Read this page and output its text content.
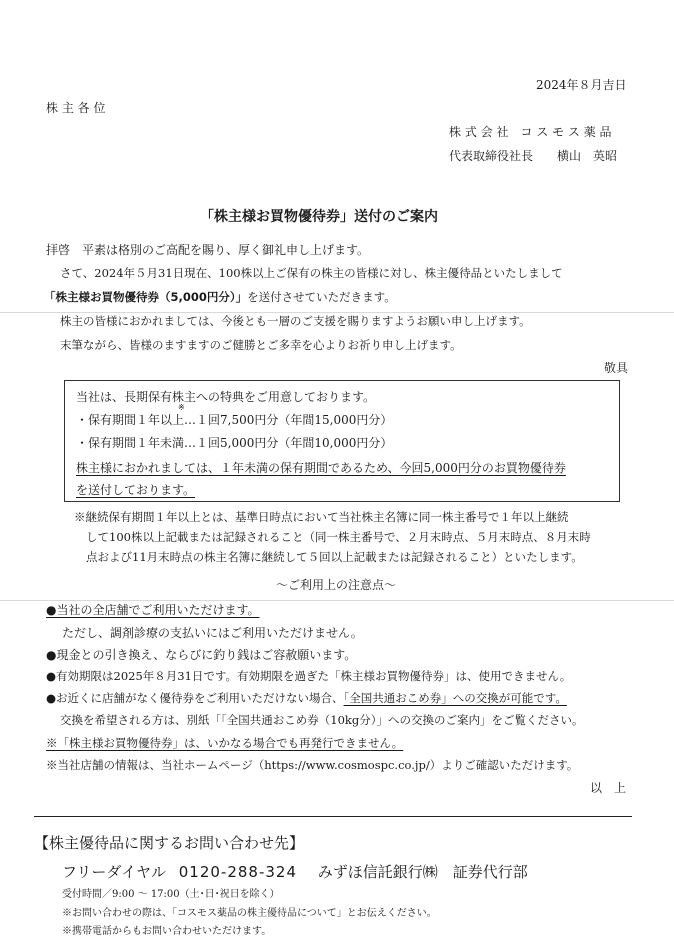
2024年８月吉日
株 主 各 位
株 式 会 社　コ ス モ ス 薬 品
代表取締役社長　　横山　英昭
「株主様お買物優待券」送付のご案内
拝啓　平素は格別のご高配を賜り、厚く御礼申し上げます。
さて、2024年５月31日現在、100株以上ご保有の株主の皆様に対し、株主優待品といたしまして
「株主様お買物優待券（5,000円分）」を送付させていただきます。
株主の皆様におかれましては、今後とも一層のご支援を賜りますようお願い申し上げます。
末筆ながら、皆様のますますのご健勝とご多幸を心よりお祈り申し上げます。
敬具
当社は、長期保有株主への特典をご用意しております。
・保有期間１年以上
※
…１回7,500円分（年間15,000円分）
・保有期間１年未満…１回5,000円分（年間10,000円分）
株主様におかれましては、１年未満の保有期間であるため、今回5,000円分のお買物優待券
を送付しております。
※継続保有期間１年以上とは、基準日時点において当社株主名簿に同一株主番号で１年以上継続
して100株以上記載または記録されること（同一株主番号で、２月末時点、５月末時点、８月末時
点および11月末時点の株主名簿に継続して５回以上記載または記録されること）といたします。
～ご利用上の注意点～
●当社の全店舗でご利用いただけます。
ただし、調剤診療の支払いにはご利用いただけません。
●現金との引き換え、ならびに釣り銭はご容赦願います。
●有効期限は2025年８月31日です。有効期限を過ぎた「株主様お買物優待券」は、使用できません。
●お近くに店舗がなく優待券をご利用いただけない場合、「全国共通おこめ券」への交換が可能です。
交換を希望される方は、別紙「「全国共通おこめ券（10kg分）」への交換のご案内」をご覧ください。
※「株主様お買物優待券」は、いかなる場合でも再発行できません。
※当社店舗の情報は、当社ホームページ（https://www.cosmospc.co.jp/）よりご確認いただけます。
以　上
【株主優待品に関するお問い合わせ先】
フリーダイヤル 0120-288-324 みずほ信託銀行㈱　証券代行部
受付時間／9:00 ～ 17:00（土･日･祝日を除く）
※お問い合わせの際は、「コスモス薬品の株主優待品について」とお伝えください。
※携帯電話からもお問い合わせいただけます。
